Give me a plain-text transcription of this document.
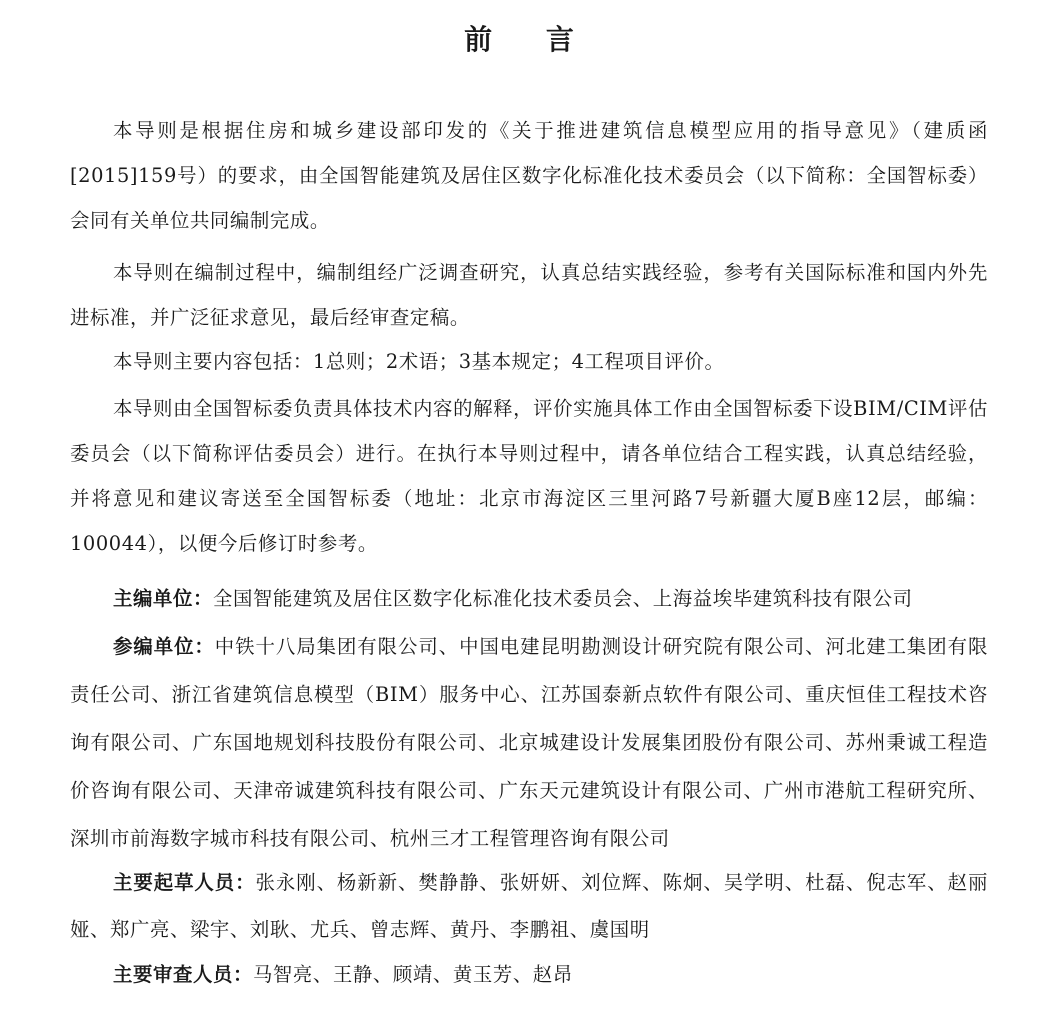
前 言

本导则是根据住房和城乡建设部印发的《关于推进建筑信息模型应用的指导意见》（建质函[2015]159号）的要求，由全国智能建筑及居住区数字化标准化技术委员会（以下简称：全国智标委）会同有关单位共同编制完成。

本导则在编制过程中，编制组经广泛调查研究，认真总结实践经验，参考有关国际标准和国内外先进标准，并广泛征求意见，最后经审查定稿。

本导则主要内容包括：1总则；2术语；3基本规定；4工程项目评价。

本导则由全国智标委负责具体技术内容的解释，评价实施具体工作由全国智标委下设BIM/CIM评估委员会（以下简称评估委员会）进行。在执行本导则过程中，请各单位结合工程实践，认真总结经验，并将意见和建议寄送至全国智标委（地址：北京市海淀区三里河路7号新疆大厦B座12层，邮编：100044），以便今后修订时参考。

主编单位：全国智能建筑及居住区数字化标准化技术委员会、上海益埃毕建筑科技有限公司

参编单位：中铁十八局集团有限公司、中国电建昆明勘测设计研究院有限公司、河北建工集团有限责任公司、浙江省建筑信息模型（BIM）服务中心、江苏国泰新点软件有限公司、重庆恒佳工程技术咨询有限公司、广东国地规划科技股份有限公司、北京城建设计发展集团股份有限公司、苏州秉诚工程造价咨询有限公司、天津帝诚建筑科技有限公司、广东天元建筑设计有限公司、广州市港航工程研究所、深圳市前海数字城市科技有限公司、杭州三才工程管理咨询有限公司

主要起草人员：张永刚、杨新新、樊静静、张妍妍、刘位辉、陈炯、吴学明、杜磊、倪志军、赵丽娅、郑广亮、梁宇、刘耿、尤兵、曾志辉、黄丹、李鹏祖、虞国明

主要审查人员：马智亮、王静、顾靖、黄玉芳、赵昂
